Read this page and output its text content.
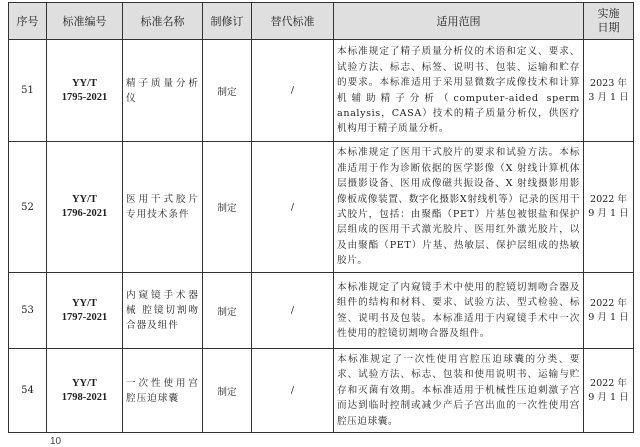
序号	标准编号	标准名称	制修订	替代标准	适用范围	实施
日期
51	YY/T
1795-2021	精子质量分析仪	制定	/	本标准规定了精子质量分析仪的术语和定义、要求、试验方法、标志、标签、说明书、包装、运输和贮存的要求。本标准适用于采用显微数字成像技术和计算机辅助精子分析（computer-aided sperm analysis，CASA）技术的精子质量分析仪，供医疗机构用于精子质量分析。	2023 年
3 月 1 日
52	YY/T
1796-2021	医用干式胶片专用技术条件	制定	/	本标准规定了医用干式胶片的要求和试验方法。本标准适用于作为诊断依据的医学影像（X 射线计算机体层摄影设备、医用成像磁共振设备、X 射线摄影用影像板成像装置、数字化摄影X射线机等）记录的医用干式胶片，包括：由聚酯（PET）片基包被银盐和保护层组成的医用干式激光胶片、医用红外激光胶片，以及由聚酯（PET）片基、热敏层、保护层组成的热敏胶片。	2022 年
9 月 1 日
53	YY/T
1797-2021	内窥镜手术器械 腔镜切割吻合器及组件	制定	/	本标准规定了内窥镜手术中使用的腔镜切割吻合器及组件的结构和材料、要求、试验方法、型式检验、标签、说明书及包装。本标准适用于内窥镜手术中一次性使用的腔镜切割吻合器及组件。	2022 年
9 月 1 日
54	YY/T
1798-2021	一次性使用宫腔压迫球囊	制定	/	本标准规定了一次性使用宫腔压迫球囊的分类、要求、试验方法、标志、包装和使用说明书、运输与贮存和灭菌有效期。本标准适用于机械性压迫刺激子宫而达到临时控制或减少产后子宫出血的一次性使用宫腔压迫球囊。	2022 年
9 月 1 日
10
